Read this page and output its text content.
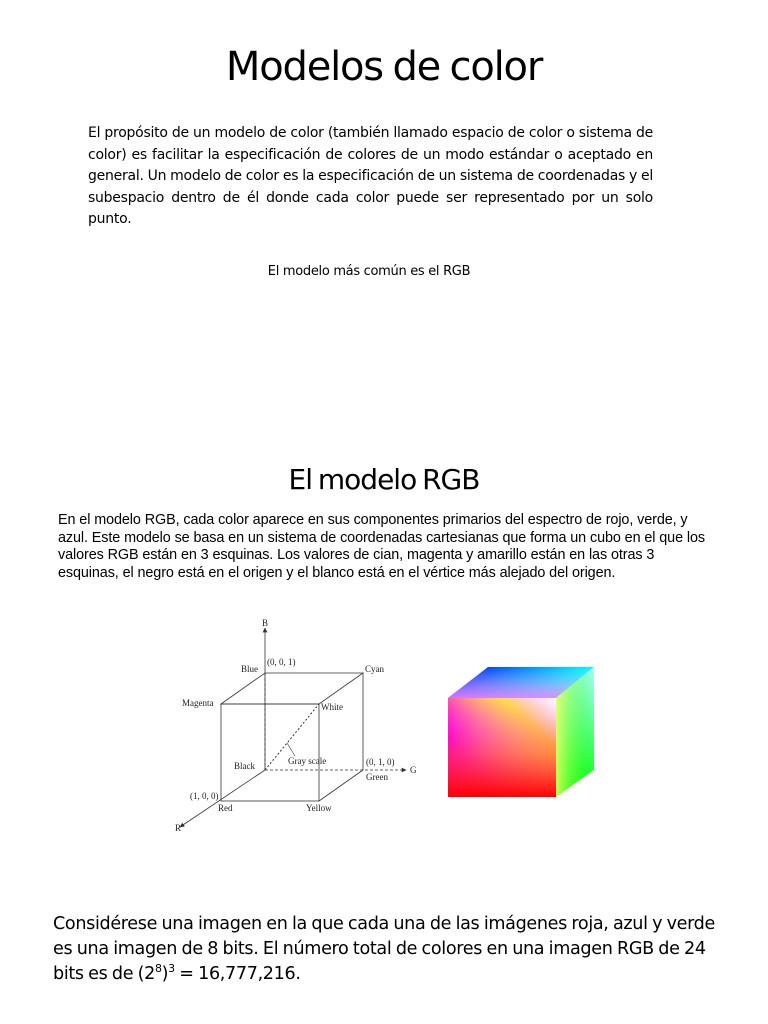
Modelos de color
El propósito de un modelo de color (también llamado espacio de color o sistema de color) es facilitar la especificación de colores de un modo estándar o aceptado en general. Un modelo de color es la especificación de un sistema de coordenadas y el subespacio dentro de él donde cada color puede ser representado por un solo punto.
El modelo más común es el RGB
El modelo RGB
En el modelo RGB, cada color aparece en sus componentes primarios del espectro de rojo, verde, y azul. Este modelo se basa en un sistema de coordenadas cartesianas que forma un cubo en el que los valores RGB están en 3 esquinas. Los valores de cian, magenta y amarillo están en las otras 3 esquinas, el negro está en el origen y el blanco está en el vértice más alejado del origen.
B
G
R
Blue
(0, 0, 1)
Cyan
Magenta	White
Gray scale
Black	(0, 1, 0)
Green
(1, 0, 0)
Red	Yellow
Considérese una imagen en la que cada una de las imágenes roja, azul y verde es una imagen de 8 bits. El número total de colores en una imagen RGB de 24 bits es de $(2^8)^3 = 16,777,216$.
